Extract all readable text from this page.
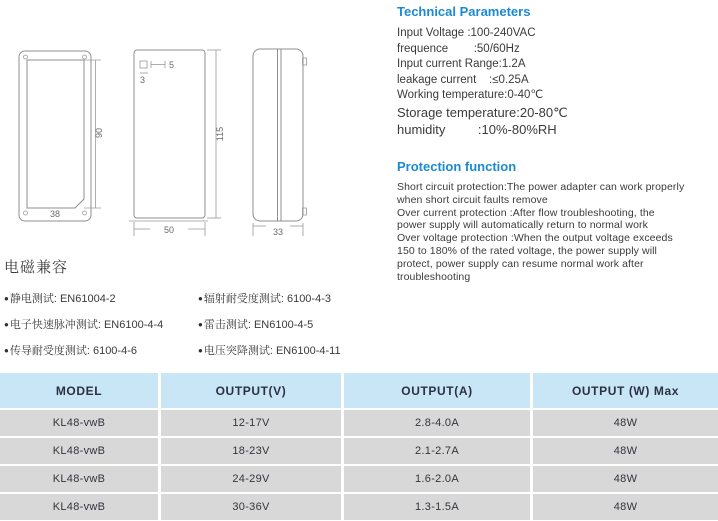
90
38
5
3
115
50	33
Technical Parameters
Input Voltage :100-240VAC
frequence        :50/60Hz
Input current Range:1.2A
leakage current    :≤0.25A
Working temperature:0-40℃
Storage temperature:20-80℃
humidity         :10%-80%RH
Protection function
Short circuit protection:The power adapter can work properly
when short circuit faults remove
Over current protection :After flow troubleshooting, the
power supply will automatically return to normal work
Over voltage protection :When the output voltage exceeds
150 to 180% of the rated voltage, the power supply will
protect, power supply can resume normal work after
troubleshooting
电磁兼容
●静电测试: EN61004-2	●辐射耐受度测试: 6100-4-3
●电子快速脉冲测试: EN6100-4-4	●雷击测试: EN6100-4-5
●传导耐受度测试: 6100-4-6	●电压突降测试: EN6100-4-11
MODEL	OUTPUT(V)	OUTPUT(A)	OUTPUT (W) Max
KL48-vwB	12-17V	2.8-4.0A	48W
KL48-vwB	18-23V	2.1-2.7A	48W
KL48-vwB	24-29V	1.6-2.0A	48W
KL48-vwB	30-36V	1.3-1.5A	48W
